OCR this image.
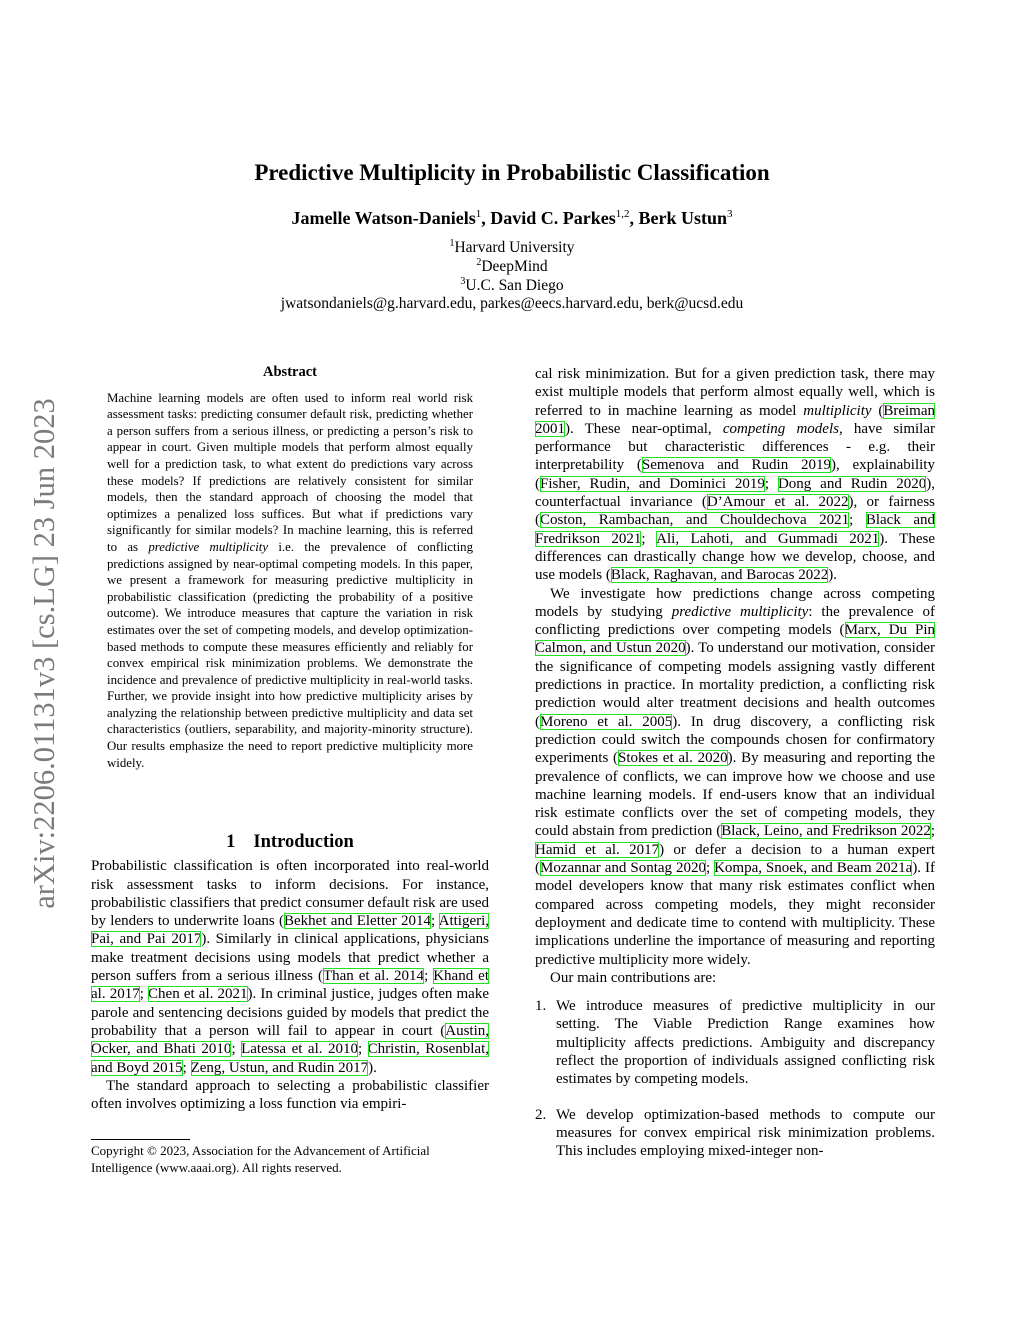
arXiv:2206.01131v3 [cs.LG] 23 Jun 2023
Predictive Multiplicity in Probabilistic Classification
Jamelle Watson-Daniels$^1$, David C. Parkes$^{1,2}$, Berk Ustun$^3$
$^1$Harvard University
$^2$DeepMind
$^3$U.C. San Diego
jwatsondaniels@g.harvard.edu, parkes@eecs.harvard.edu, berk@ucsd.edu
Abstract

Machine learning models are often used to inform real world risk assessment tasks: predicting consumer default risk, predicting whether a person suffers from a serious illness, or predicting a person’s risk to appear in court. Given multiple models that perform almost equally well for a prediction task, to what extent do predictions vary across these models? If predictions are relatively consistent for similar models, then the standard approach of choosing the model that optimizes a penalized loss suffices. But what if predictions vary significantly for similar models? In machine learning, this is referred to as predictive multiplicity i.e. the prevalence of conflicting predictions assigned by near-optimal competing models. In this paper, we present a framework for measuring predictive multiplicity in probabilistic classification (predicting the probability of a positive outcome). We introduce measures that capture the variation in risk estimates over the set of competing models, and develop optimization-based methods to compute these measures efficiently and reliably for convex empirical risk minimization problems. We demonstrate the incidence and prevalence of predictive multiplicity in real-world tasks. Further, we provide insight into how predictive multiplicity arises by analyzing the relationship between predictive multiplicity and data set characteristics (outliers, separability, and majority-minority structure). Our results emphasize the need to report predictive multiplicity more widely.

1 Introduction

Probabilistic classification is often incorporated into real-world risk assessment tasks to inform decisions. For instance, probabilistic classifiers that predict consumer default risk are used by lenders to underwrite loans (Bekhet and Eletter 2014; Attigeri, Pai, and Pai 2017). Similarly in clinical applications, physicians make treatment decisions using models that predict whether a person suffers from a serious illness (Than et al. 2014; Khand et al. 2017; Chen et al. 2021). In criminal justice, judges often make parole and sentencing decisions guided by models that predict the probability that a person will fail to appear in court (Austin, Ocker, and Bhati 2010; Latessa et al. 2010; Christin, Rosenblat, and Boyd 2015; Zeng, Ustun, and Rudin 2017).

The standard approach to selecting a probabilistic classifier often involves optimizing a loss function via empiri-

Copyright © 2023, Association for the Advancement of Artificial Intelligence (www.aaai.org). All rights reserved.

cal risk minimization. But for a given prediction task, there may exist multiple models that perform almost equally well, which is referred to in machine learning as model multiplicity (Breiman 2001). These near-optimal, competing models, have similar performance but characteristic differences - e.g. their interpretability (Semenova and Rudin 2019), explainability (Fisher, Rudin, and Dominici 2019; Dong and Rudin 2020), counterfactual invariance (D’Amour et al. 2022), or fairness (Coston, Rambachan, and Chouldechova 2021; Black and Fredrikson 2021; Ali, Lahoti, and Gummadi 2021). These differences can drastically change how we develop, choose, and use models (Black, Raghavan, and Barocas 2022).

We investigate how predictions change across competing models by studying predictive multiplicity: the prevalence of conflicting predictions over competing models (Marx, Du Pin Calmon, and Ustun 2020). To understand our motivation, consider the significance of competing models assigning vastly different predictions in practice. In mortality prediction, a conflicting risk prediction would alter treatment decisions and health outcomes (Moreno et al. 2005). In drug discovery, a conflicting risk prediction could switch the compounds chosen for confirmatory experiments (Stokes et al. 2020). By measuring and reporting the prevalence of conflicts, we can improve how we choose and use machine learning models. If end-users know that an individual risk estimate conflicts over the set of competing models, they could abstain from prediction (Black, Leino, and Fredrikson 2022; Hamid et al. 2017) or defer a decision to a human expert (Mozannar and Sontag 2020; Kompa, Snoek, and Beam 2021a). If model developers know that many risk estimates conflict when compared across competing models, they might reconsider deployment and dedicate time to contend with multiplicity. These implications underline the importance of measuring and reporting predictive multiplicity more widely.

Our main contributions are:

1. We introduce measures of predictive multiplicity in our setting. The Viable Prediction Range examines how multiplicity affects predictions. Ambiguity and discrepancy reflect the proportion of individuals assigned conflicting risk estimates by competing models.
2. We develop optimization-based methods to compute our measures for convex empirical risk minimization problems. This includes employing mixed-integer non-
